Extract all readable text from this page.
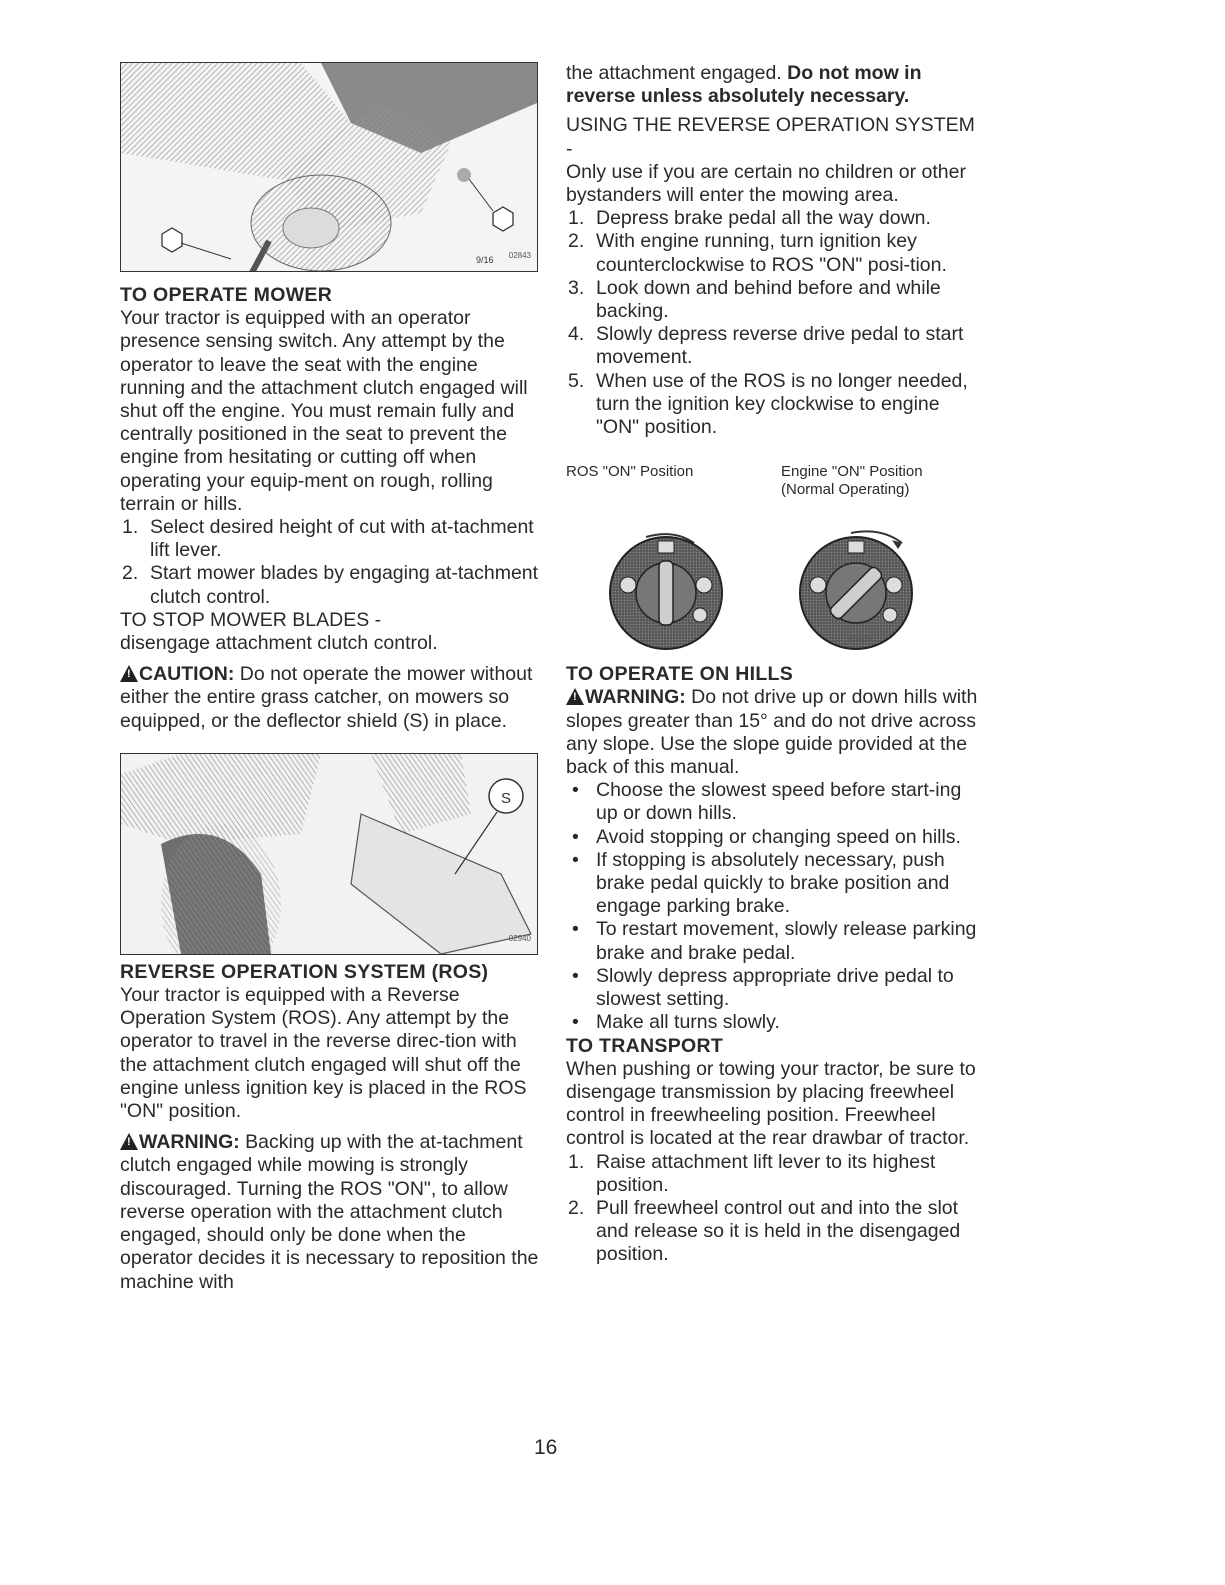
9/16 02843
TO OPERATE MOWER

Your tractor is equipped with an operator presence sensing switch. Any attempt by the operator to leave the seat with the engine running and the attachment clutch engaged will shut off the engine. You must remain fully and centrally positioned in the seat to prevent the engine from hesitating or cutting off when operating your equip-ment on rough, rolling terrain or hills.

1. Select desired height of cut with at-tachment lift lever.
2. Start mower blades by engaging at-tachment clutch control.

TO STOP MOWER BLADES -

disengage attachment clutch control.

! CAUTION: Do not operate the mower without either the entire grass catcher, on mowers so equipped, or the deflector shield (S) in place.

S
02940
REVERSE OPERATION SYSTEM (ROS)

Your tractor is equipped with a Reverse Operation System (ROS). Any attempt by the operator to travel in the reverse direc-tion with the attachment clutch engaged will shut off the engine unless ignition key is placed in the ROS "ON" position.

! WARNING: Backing up with the at-tachment clutch engaged while mowing is strongly discouraged. Turning the ROS "ON", to allow reverse operation with the attachment clutch engaged, should only be done when the operator decides it is necessary to reposition the machine with

the attachment engaged. Do not mow in reverse unless absolutely necessary.

USING THE REVERSE OPERATION SYSTEM -

Only use if you are certain no children or other bystanders will enter the mowing area.

1. Depress brake pedal all the way down.
2. With engine running, turn ignition key counterclockwise to ROS "ON" posi-tion.
3. Look down and behind before and while backing.
4. Slowly depress reverse drive pedal to start movement.
5. When use of the ROS is no longer needed, turn the ignition key clockwise to engine "ON" position.
ROS "ON" Position	Engine "ON" Position
(Normal Operating)
03000
TO OPERATE ON HILLS

! WARNING: Do not drive up or down hills with slopes greater than 15° and do not drive across any slope. Use the slope guide provided at the back of this manual.

• Choose the slowest speed before start-ing up or down hills.
• Avoid stopping or changing speed on hills.
• If stopping is absolutely necessary, push brake pedal quickly to brake position and engage parking brake.
• To restart movement, slowly release parking brake and brake pedal.
• Slowly depress appropriate drive pedal to slowest setting.
• Make all turns slowly.
TO TRANSPORT

When pushing or towing your tractor, be sure to disengage transmission by placing freewheel control in freewheeling position. Freewheel control is located at the rear drawbar of tractor.

1. Raise attachment lift lever to its highest position.
2. Pull freewheel control out and into the slot and release so it is held in the disengaged position.
16
